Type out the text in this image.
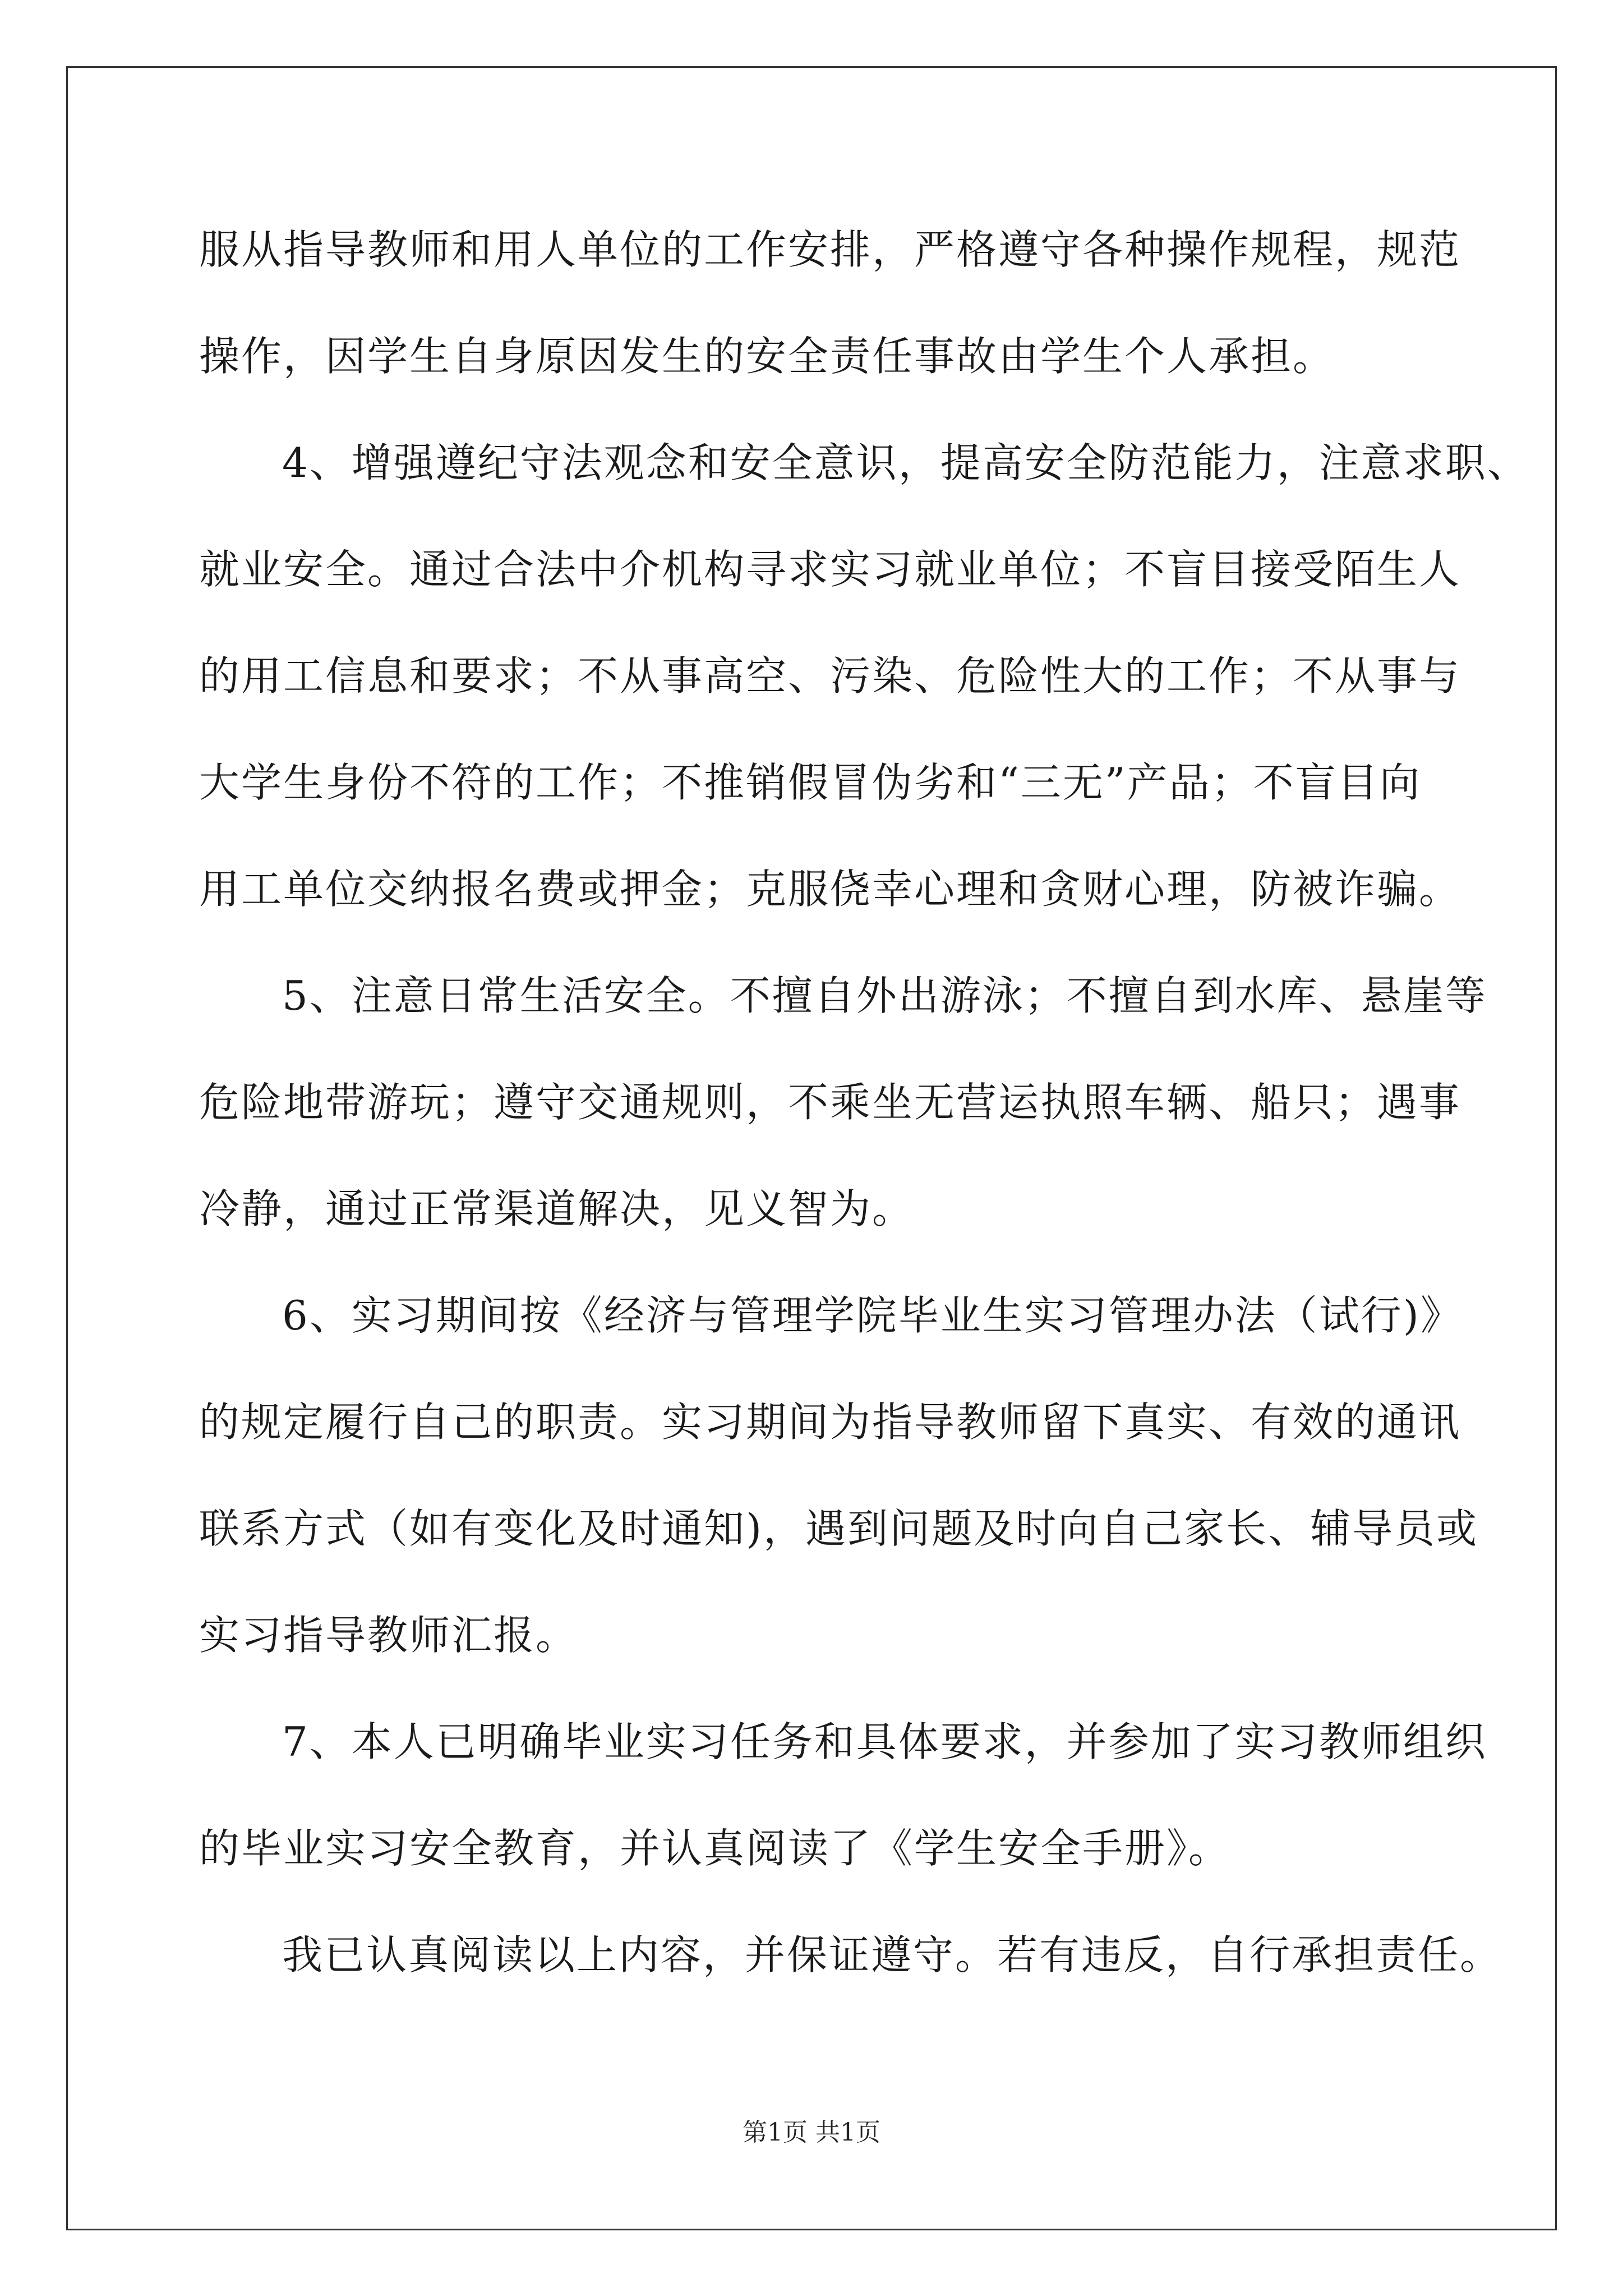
服从指导教师和用人单位的工作安排，严格遵守各种操作规程，规范
操作，因学生自身原因发生的安全责任事故由学生个人承担。
4、增强遵纪守法观念和安全意识，提高安全防范能力，注意求职、
就业安全。通过合法中介机构寻求实习就业单位；不盲目接受陌生人
的用工信息和要求；不从事高空、污染、危险性大的工作；不从事与
大学生身份不符的工作；不推销假冒伪劣和“三无”产品；不盲目向
用工单位交纳报名费或押金；克服侥幸心理和贪财心理，防被诈骗。
5、注意日常生活安全。不擅自外出游泳；不擅自到水库、悬崖等
危险地带游玩；遵守交通规则，不乘坐无营运执照车辆、船只；遇事
冷静，通过正常渠道解决，见义智为。
6、实习期间按《经济与管理学院毕业生实习管理办法（试行)》
的规定履行自己的职责。实习期间为指导教师留下真实、有效的通讯
联系方式（如有变化及时通知)，遇到问题及时向自己家长、辅导员或
实习指导教师汇报。
7、本人已明确毕业实习任务和具体要求，并参加了实习教师组织
的毕业实习安全教育，并认真阅读了《学生安全手册》。
我已认真阅读以上内容，并保证遵守。若有违反，自行承担责任。
第1页 共1页
